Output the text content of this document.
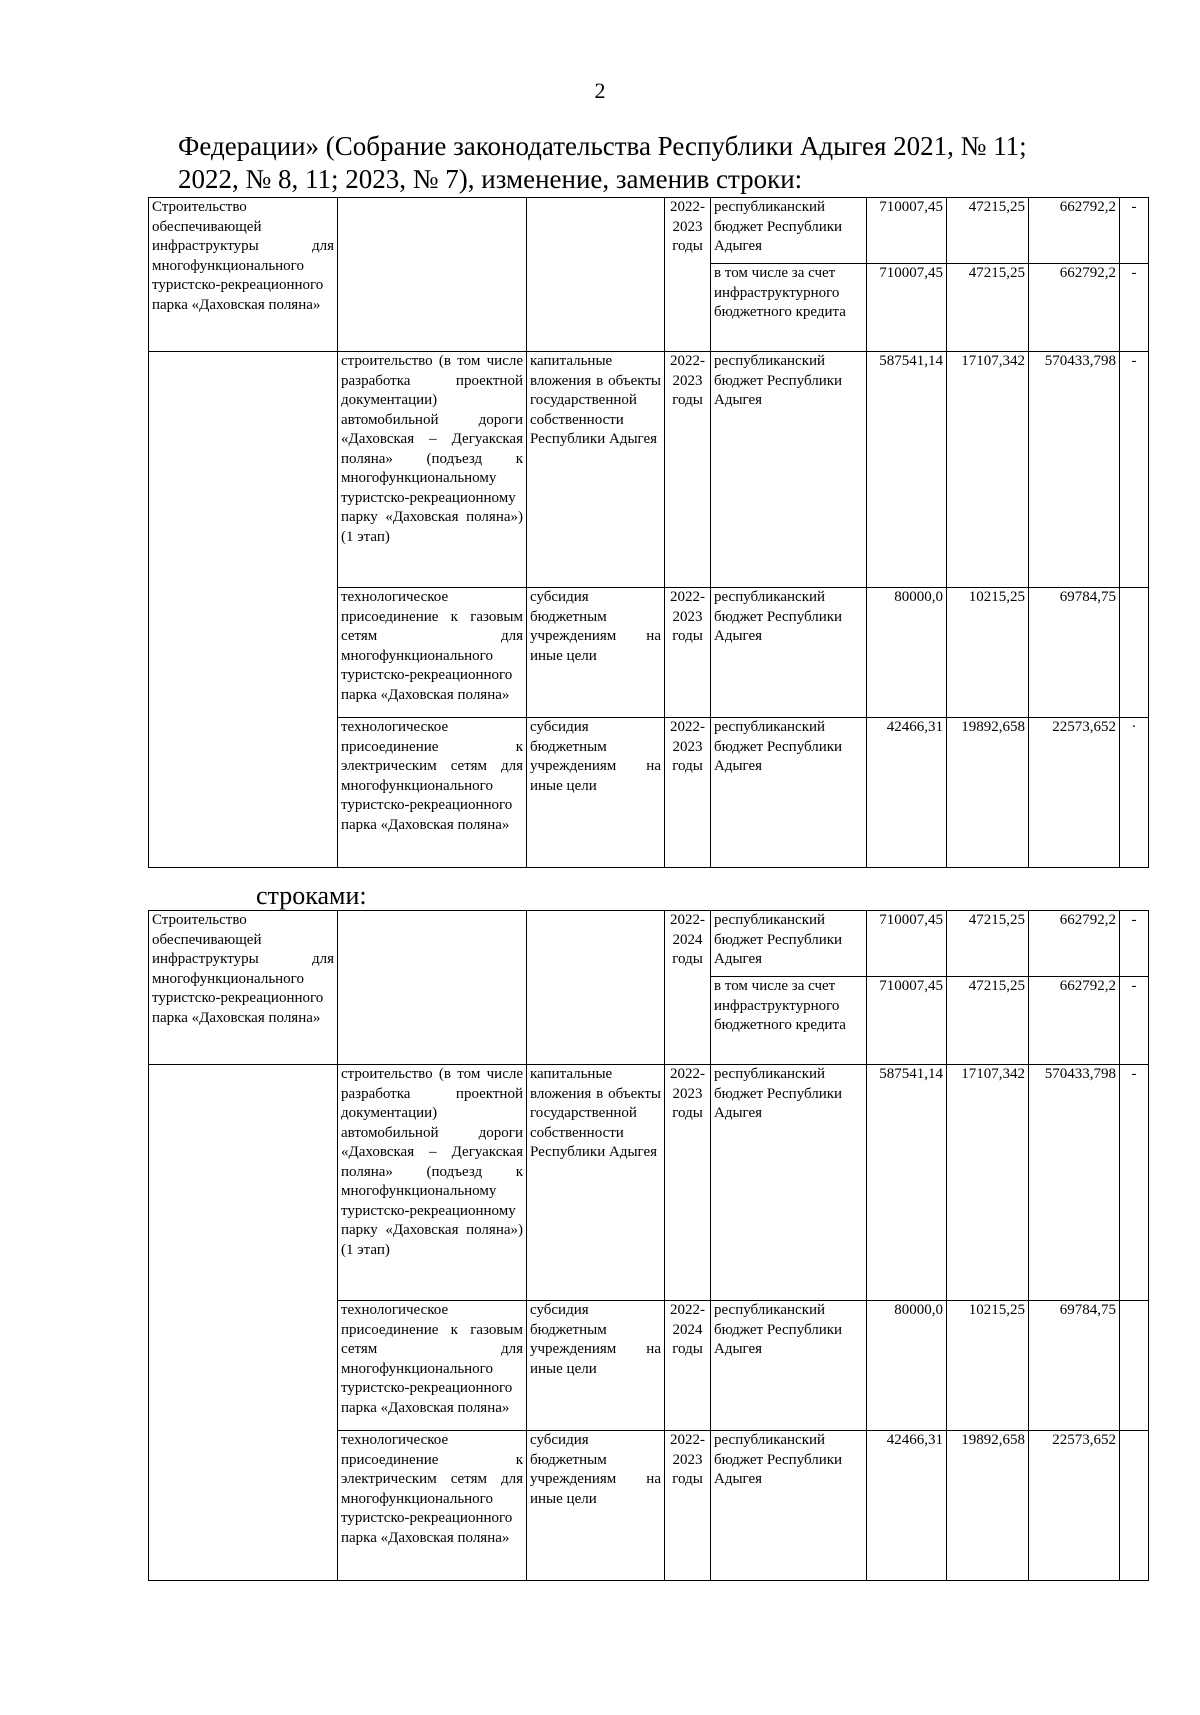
2
Федерации» (Собрание законодательства Республики Адыгея 2021, № 11;
2022, № 8, 11; 2023, № 7), изменение, заменив строки:
Строительство обеспечивающей инфраструктуры для многофункционального туристско-рекреационного парка «Даховская поляна»			2022-2023 годы	республиканский бюджет Республики Адыгея	710007,45	47215,25	662792,2	-
				в том числе за счет инфраструктурного бюджетного кредита	710007,45	47215,25	662792,2	-
	строительство (в том числе разработка проектной документации) автомобильной дороги «Даховская – Дегуакская поляна» (подъезд к многофункциональному туристско-рекреационному парку «Даховская поляна») (1 этап)	капитальные вложения в объекты государственной собственности Республики Адыгея	2022-2023 годы	республиканский бюджет Республики Адыгея	587541,14	17107,342	570433,798	-
	технологическое присоединение к газовым сетям для многофункционального туристско-рекреационного парка «Даховская поляна»	субсидия бюджетным учреждениям на иные цели	2022-2023 годы	республиканский бюджет Республики Адыгея	80000,0	10215,25	69784,75	
	технологическое присоединение к электрическим сетям для многофункционального туристско-рекреационного парка «Даховская поляна»	субсидия бюджетным учреждениям на иные цели	2022-2023 годы	республиканский бюджет Республики Адыгея	42466,31	19892,658	22573,652	·
строками:
Строительство обеспечивающей инфраструктуры для многофункционального туристско-рекреационного парка «Даховская поляна»			2022-2024 годы	республиканский бюджет Республики Адыгея	710007,45	47215,25	662792,2	-
				в том числе за счет инфраструктурного бюджетного кредита	710007,45	47215,25	662792,2	-
	строительство (в том числе разработка проектной документации) автомобильной дороги «Даховская – Дегуакская поляна» (подъезд к многофункциональному туристско-рекреационному парку «Даховская поляна») (1 этап)	капитальные вложения в объекты государственной собственности Республики Адыгея	2022-2023 годы	республиканский бюджет Республики Адыгея	587541,14	17107,342	570433,798	-
	технологическое присоединение к газовым сетям для многофункционального туристско-рекреационного парка «Даховская поляна»	субсидия бюджетным учреждениям на иные цели	2022-2024 годы	республиканский бюджет Республики Адыгея	80000,0	10215,25	69784,75	
	технологическое присоединение к электрическим сетям для многофункционального туристско-рекреационного парка «Даховская поляна»	субсидия бюджетным учреждениям на иные цели	2022-2023 годы	республиканский бюджет Республики Адыгея	42466,31	19892,658	22573,652	
